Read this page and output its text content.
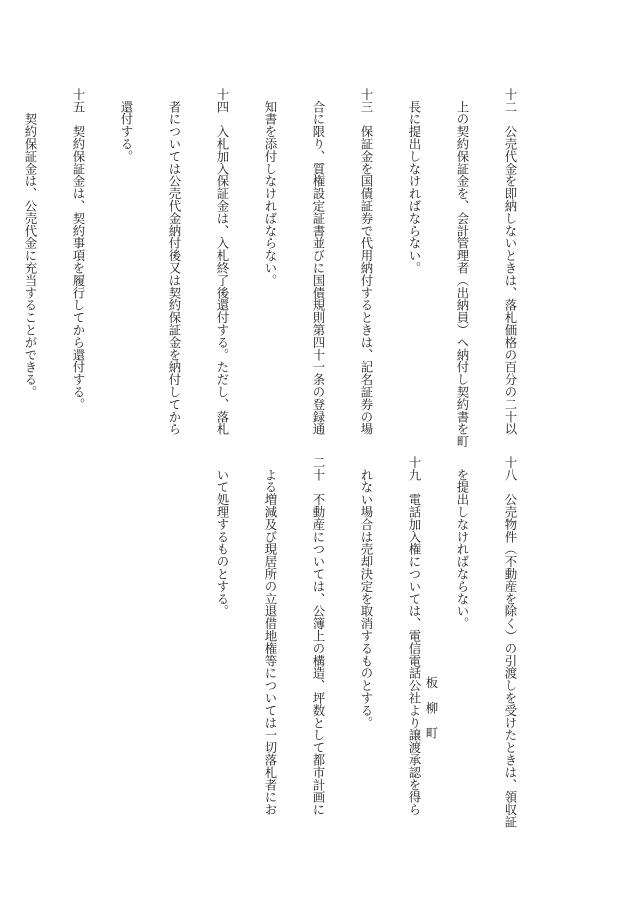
十二　公売代金を即納しないときは、落札価格の百分の二十以

　上の契約保証金を、会計管理者（出納員）へ納付し契約書を町

　長に提出しなければならない。

十三　保証金を国債証券で代用納付するときは、記名証券の場

　合に限り、質権設定証書並びに国債規則第四十一条の登録通

　知書を添付しなければならない。

十四　入札加入保証金は、入札終了後還付する。ただし、落札

　者については公売代金納付後又は契約保証金を納付してから

　還付する。

十五　契約保証金は、契約事項を履行してから還付する。

　　契約保証金は、公売代金に充当することができる。

十八　公売物件（不動産を除く）の引渡しを受けたときは、領収証

　を提出しなければならない。

十九　電話加入権については、電信電話公社より譲渡承認を得ら

　れない場合は売却決定を取消するものとする。

二十　不動産については、公簿上の構造、坪数として都市計画に

　よる増減及び現居所の立退借地権等については一切落札者にお

　いて処理するものとする。

板柳町
